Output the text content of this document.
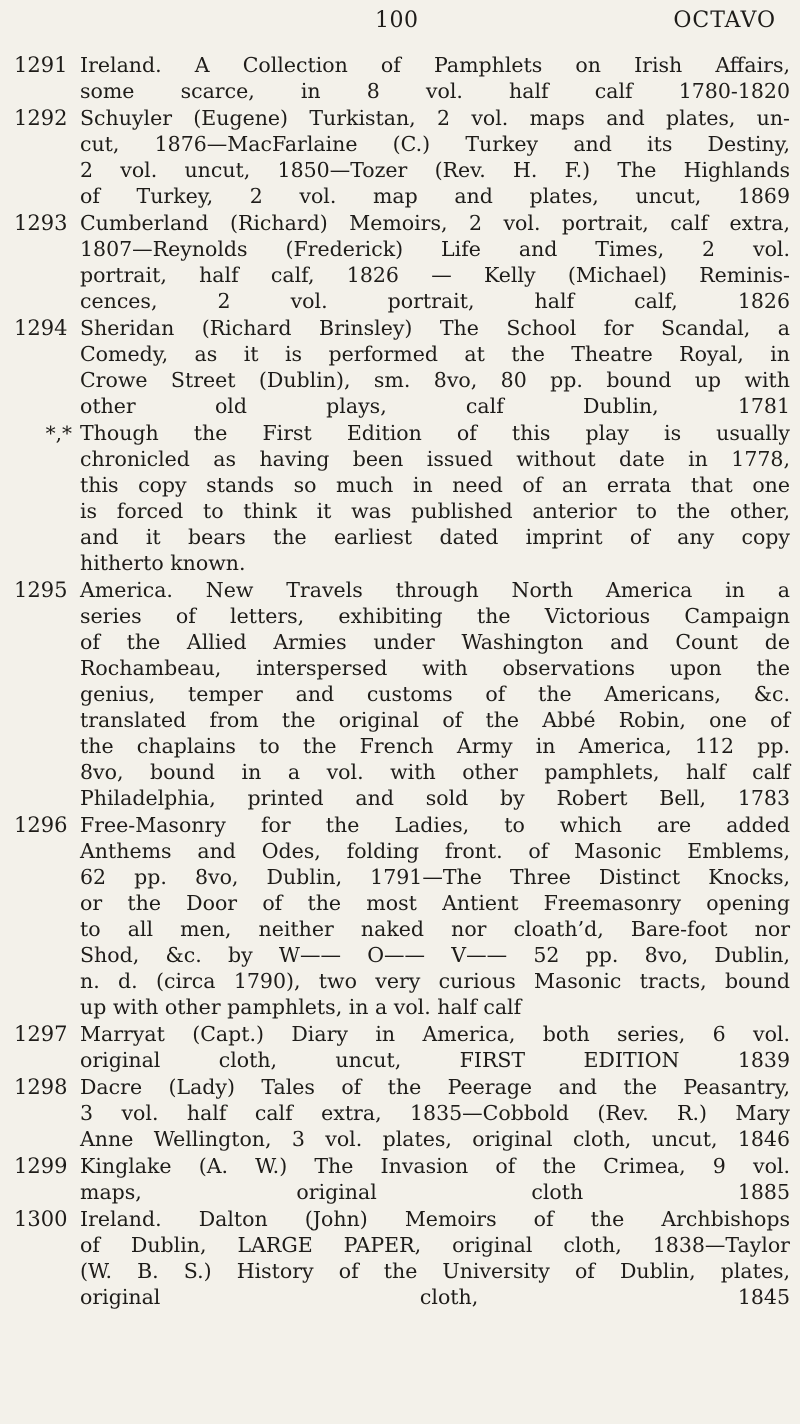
100	OCTAVO
1291 Ireland. A Collection of Pamphlets on Irish Affairs,
some scarce, in 8 vol. half calf 1780-1820
1292 Schuyler (Eugene) Turkistan, 2 vol. maps and plates, un-
cut, 1876—MacFarlaine (C.) Turkey and its Destiny,
2 vol. uncut, 1850—Tozer (Rev. H. F.) The Highlands
of Turkey, 2 vol. map and plates, uncut, 1869
1293 Cumberland (Richard) Memoirs, 2 vol. portrait, calf extra,
1807—Reynolds (Frederick) Life and Times, 2 vol.
portrait, half calf, 1826 — Kelly (Michael) Reminis-
cences, 2 vol. portrait, half calf, 1826
1294 Sheridan (Richard Brinsley) The School for Scandal, a
Comedy, as it is performed at the Theatre Royal, in
Crowe Street (Dublin), sm. 8vo, 80 pp. bound up with
other old plays, calf Dublin, 1781
*,* Though the First Edition of this play is usually
chronicled as having been issued without date in 1778,
this copy stands so much in need of an errata that one
is forced to think it was published anterior to the other,
and it bears the earliest dated imprint of any copy
hitherto known.
1295 America. New Travels through North America in a
series of letters, exhibiting the Victorious Campaign
of the Allied Armies under Washington and Count de
Rochambeau, interspersed with observations upon the
genius, temper and customs of the Americans, &c.
translated from the original of the Abbé Robin, one of
the chaplains to the French Army in America, 112 pp.
8vo, bound in a vol. with other pamphlets, half calf
Philadelphia, printed and sold by Robert Bell, 1783
1296 Free-Masonry for the Ladies, to which are added
Anthems and Odes, folding front. of Masonic Emblems,
62 pp. 8vo, Dublin, 1791—The Three Distinct Knocks,
or the Door of the most Antient Freemasonry opening
to all men, neither naked nor cloath’d, Bare-foot nor
Shod, &c. by W—— O—— V—— 52 pp. 8vo, Dublin,
n. d. (circa 1790), two very curious Masonic tracts, bound
up with other pamphlets, in a vol. half calf
1297 Marryat (Capt.) Diary in America, both series, 6 vol.
original cloth, uncut, FIRST EDITION 1839
1298 Dacre (Lady) Tales of the Peerage and the Peasantry,
3 vol. half calf extra, 1835—Cobbold (Rev. R.) Mary
Anne Wellington, 3 vol. plates, original cloth, uncut, 1846
1299 Kinglake (A. W.) The Invasion of the Crimea, 9 vol.
maps, original cloth 1885
1300 Ireland. Dalton (John) Memoirs of the Archbishops
of Dublin, LARGE PAPER, original cloth, 1838—Taylor
(W. B. S.) History of the University of Dublin, plates,
original cloth, 1845
